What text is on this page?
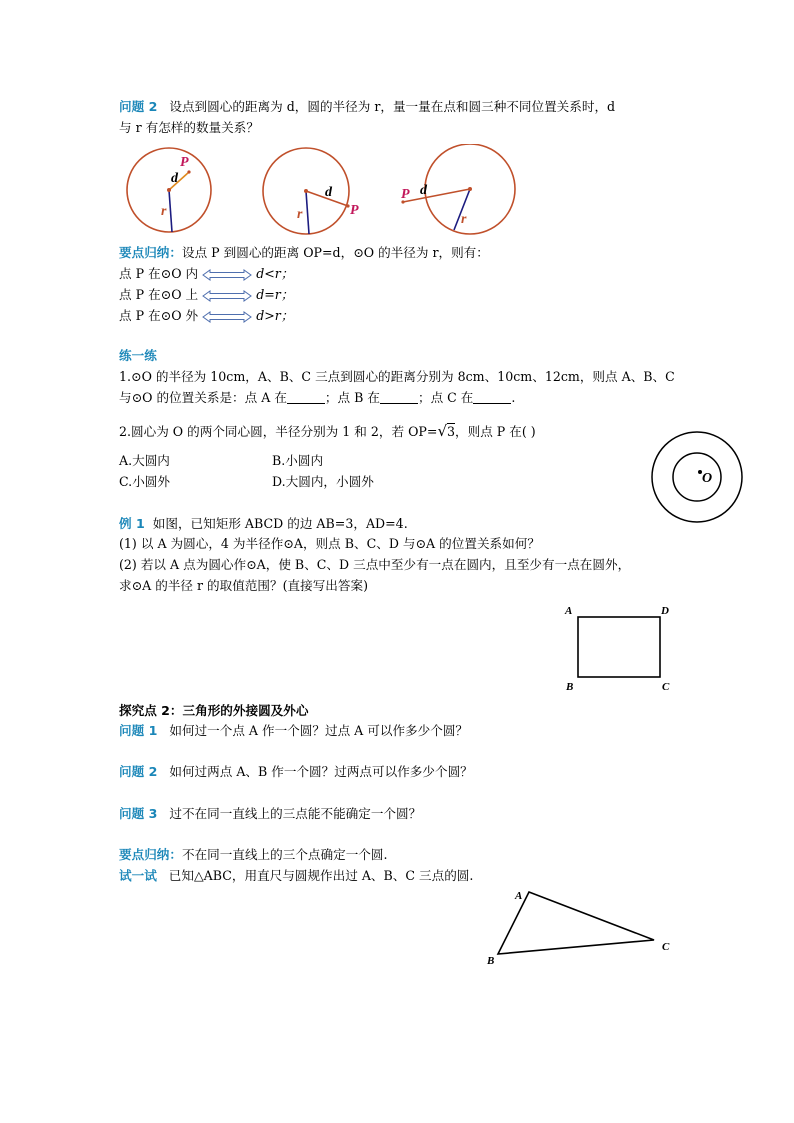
问题 2 设点到圆心的距离为 d，圆的半径为 r，量一量在点和圆三种不同位置关系时，d
与 r 有怎样的数量关系？
P
d
r	P
d
r
P d
r
要点归纳：设点 P 到圆心的距离 OP=d，⊙O 的半径为 r，则有：
点 P 在⊙O 内	d<r；
点 P 在⊙O 上	d=r；
点 P 在⊙O 外	d>r；
练一练
1.⊙O 的半径为 10cm，A、B、C 三点到圆心的距离分别为 8cm、10cm、12cm，则点 A、B、C
与⊙O 的位置关系是：点 A 在	；点 B 在	；点 C 在	.
2.圆心为 O 的两个同心圆，半径分别为 1 和 2，若 OP=√3，则点 P 在( )
A.大圆内	B.小圆内
C.小圆外	D.大圆内，小圆外	O
例 1 如图，已知矩形 ABCD 的边 AB=3，AD=4.
(1) 以 A 为圆心，4 为半径作⊙A，则点 B、C、D 与⊙A 的位置关系如何？
(2) 若以 A 点为圆心作⊙A，使 B、C、D 三点中至少有一点在圆内，且至少有一点在圆外，
求⊙A 的半径 r 的取值范围？(直接写出答案)
A	D
B	C
探究点 2：三角形的外接圆及外心
问题 1 如何过一个点 A 作一个圆？过点 A 可以作多少个圆？
问题 2 如何过两点 A、B 作一个圆？过两点可以作多少个圆？
问题 3 过不在同一直线上的三点能不能确定一个圆？
要点归纳：不在同一直线上的三个点确定一个圆.
试一试 已知△ABC，用直尺与圆规作出过 A、B、C 三点的圆.
A
B
C
